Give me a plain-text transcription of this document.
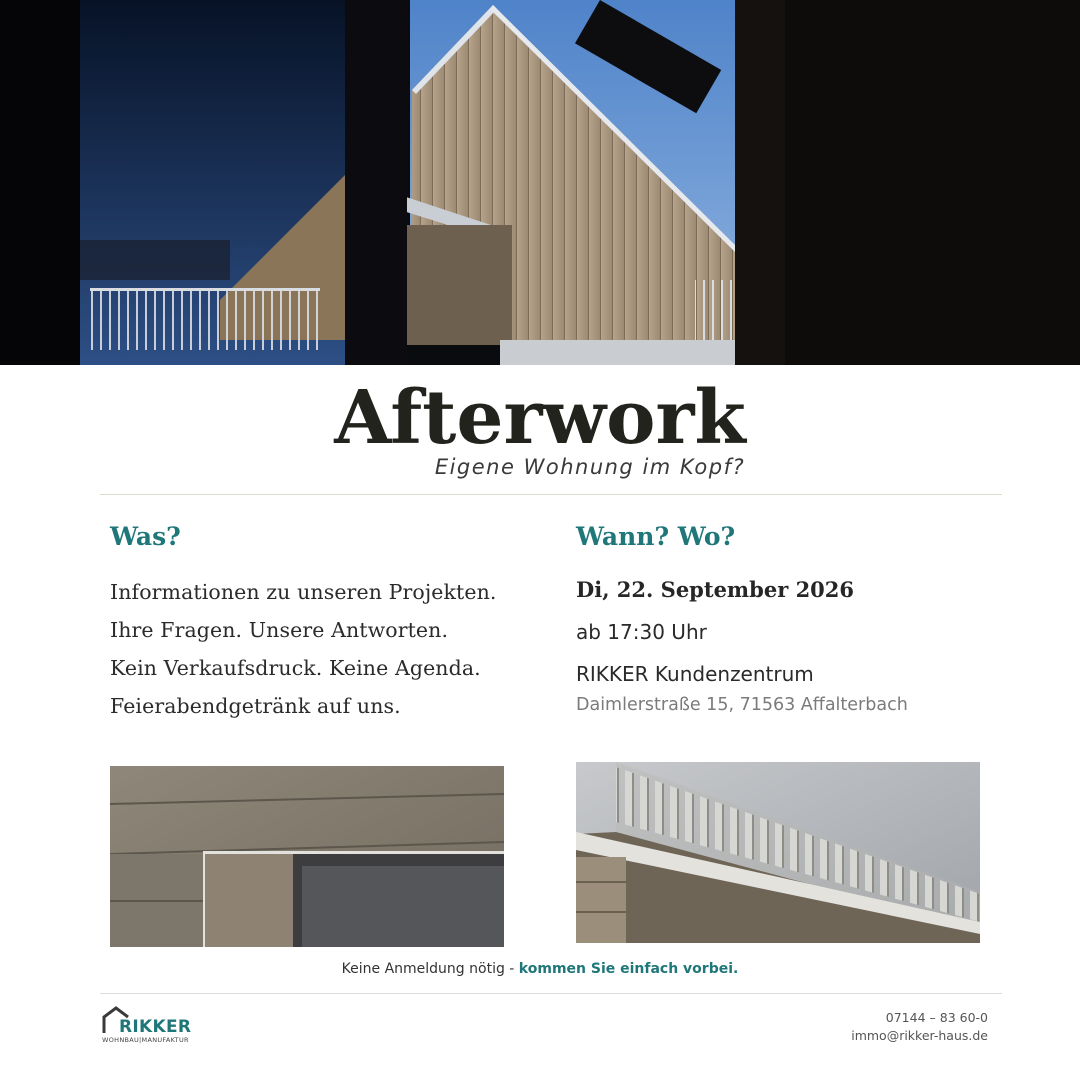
Afterwork
Eigene Wohnung im Kopf?
Was?
Informationen zu unseren Projekten.
Ihre Fragen. Unsere Antworten.
Kein Verkaufsdruck. Keine Agenda.
Feierabendgetränk auf uns.
Wann? Wo?
Di, 22. September 2026
ab 17:30 Uhr
RIKKER Kundenzentrum
Daimlerstraße 15, 71563 Affalterbach
Keine Anmeldung nötig - kommen Sie einfach vorbei.
RIKKER
WOHNBAU|MANUFAKTUR
07144 – 83 60-0
immo@rikker-haus.de
